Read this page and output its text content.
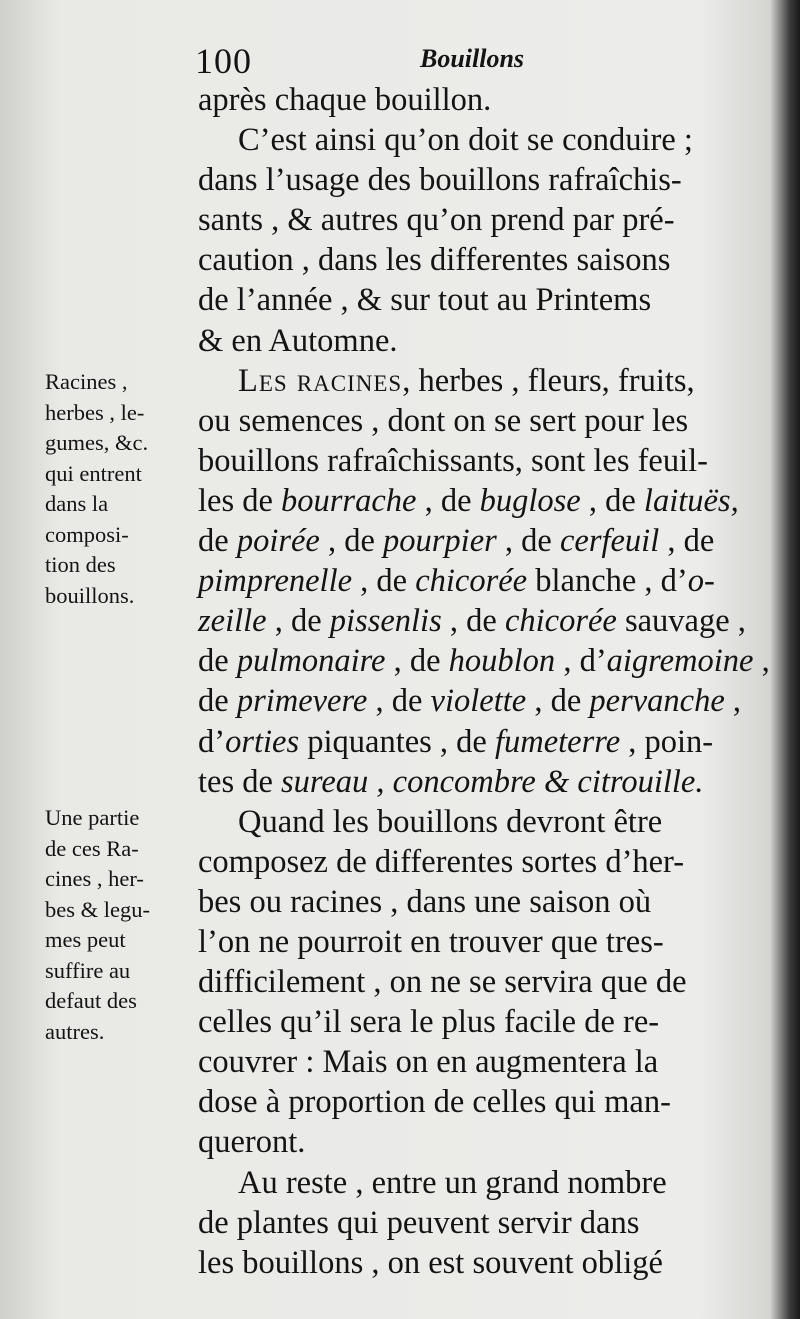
100	Bouillons
Racines ,
herbes , le-
gumes, &c.
qui entrent
dans la
composi-
tion des
bouillons.
Une partie
de ces Ra-
cines , her-
bes & legu-
mes peut
suffire au
defaut des
autres.
après chaque bouillon.
C’est ainsi qu’on doit se conduire ;
dans l’usage des bouillons rafraîchis-
sants , & autres qu’on prend par pré-
caution , dans les differentes saisons
de l’année , & sur tout au Printems
& en Automne.
Les racines, herbes , fleurs, fruits,
ou semences , dont on se sert pour les
bouillons rafraîchissants, sont les feuil-
les de bourrache , de buglose , de laituës,
de poirée , de pourpier , de cerfeuil , de
pimprenelle , de chicorée blanche , d’o-
zeille , de pissenlis , de chicorée sauvage ,
de pulmonaire , de houblon , d’aigremoine ,
de primevere , de violette , de pervanche ,
d’orties piquantes , de fumeterre , poin-
tes de sureau , concombre & citrouille.
Quand les bouillons devront être
composez de differentes sortes d’her-
bes ou racines , dans une saison où
l’on ne pourroit en trouver que tres-
difficilement , on ne se servira que de
celles qu’il sera le plus facile de re-
couvrer : Mais on en augmentera la
dose à proportion de celles qui man-
queront.
Au reste , entre un grand nombre
de plantes qui peuvent servir dans
les bouillons , on est souvent obligé
